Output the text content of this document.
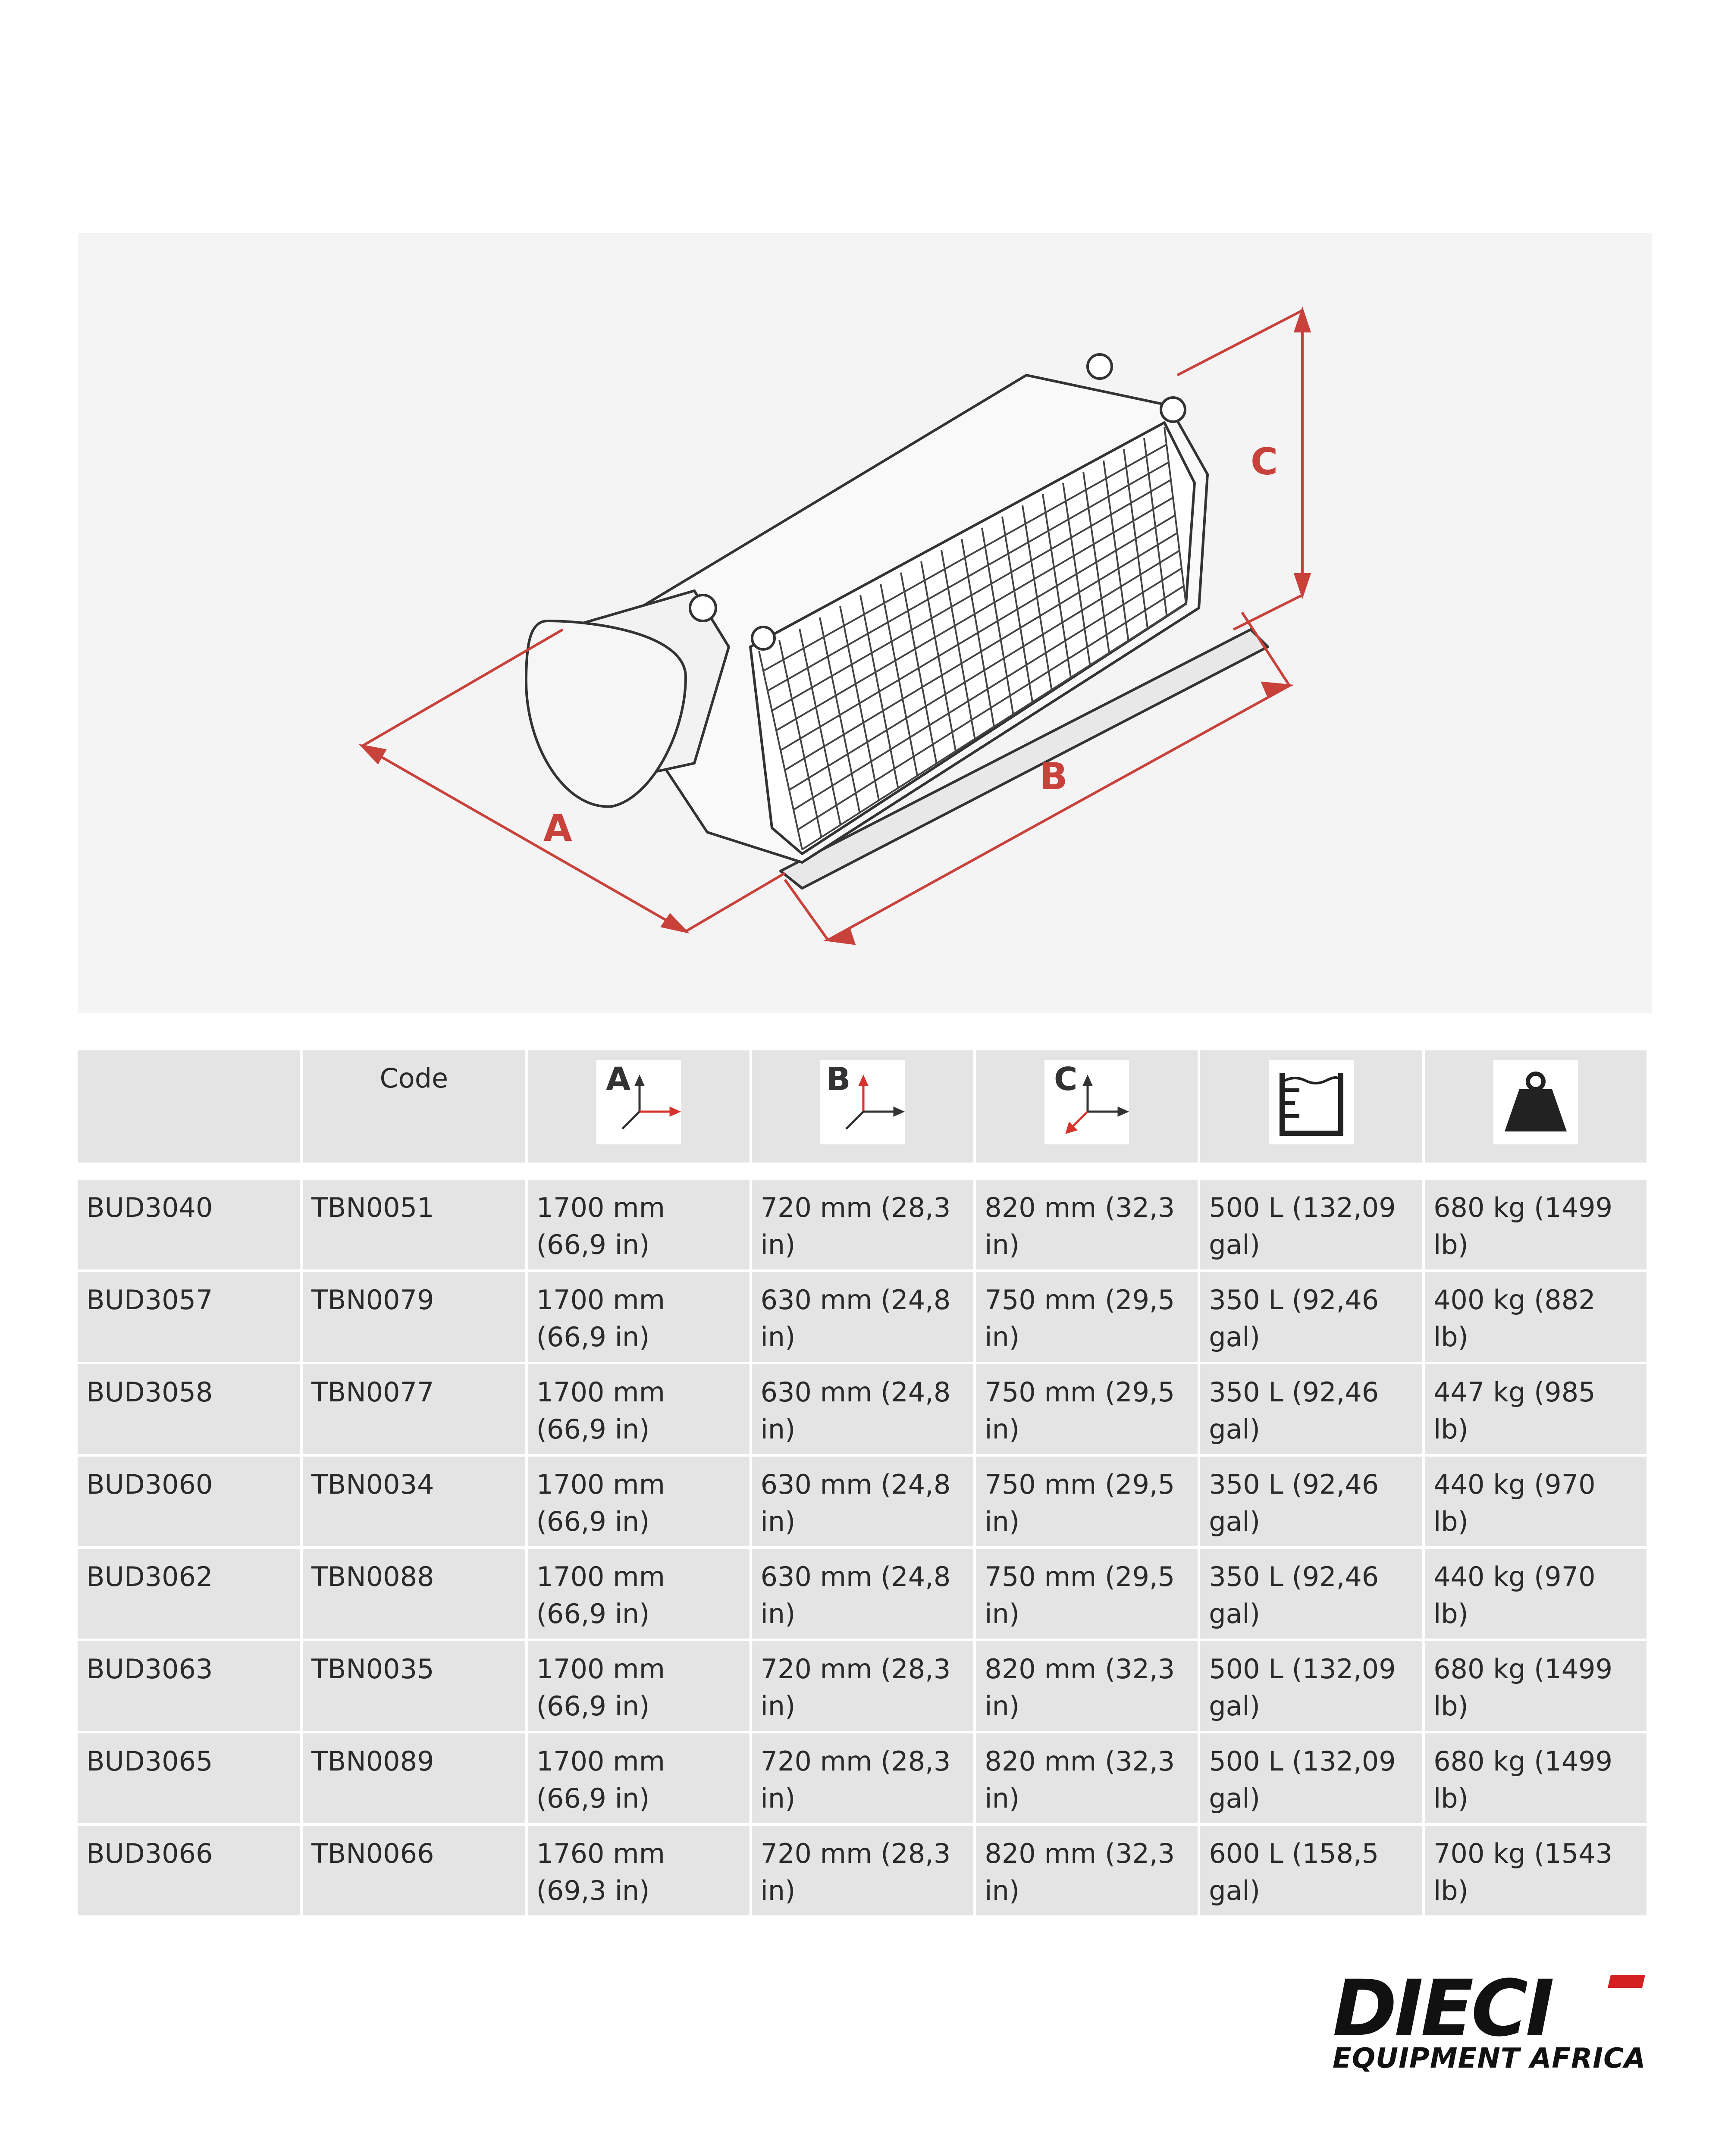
A
B
C
	Code	A	B	C

BUD3040	TBN0051	1700 mm (66,9 in)	720 mm (28,3 in)	820 mm (32,3 in)	500 L (132,09 gal)	680 kg (1499 lb)
BUD3057	TBN0079	1700 mm (66,9 in)	630 mm (24,8 in)	750 mm (29,5 in)	350 L (92,46 gal)	400 kg (882 lb)
BUD3058	TBN0077	1700 mm (66,9 in)	630 mm (24,8 in)	750 mm (29,5 in)	350 L (92,46 gal)	447 kg (985 lb)
BUD3060	TBN0034	1700 mm (66,9 in)	630 mm (24,8 in)	750 mm (29,5 in)	350 L (92,46 gal)	440 kg (970 lb)
BUD3062	TBN0088	1700 mm (66,9 in)	630 mm (24,8 in)	750 mm (29,5 in)	350 L (92,46 gal)	440 kg (970 lb)
BUD3063	TBN0035	1700 mm (66,9 in)	720 mm (28,3 in)	820 mm (32,3 in)	500 L (132,09 gal)	680 kg (1499 lb)
BUD3065	TBN0089	1700 mm (66,9 in)	720 mm (28,3 in)	820 mm (32,3 in)	500 L (132,09 gal)	680 kg (1499 lb)
BUD3066	TBN0066	1760 mm (69,3 in)	720 mm (28,3 in)	820 mm (32,3 in)	600 L (158,5 gal)	700 kg (1543 lb)
DIECI
EQUIPMENT AFRICA
